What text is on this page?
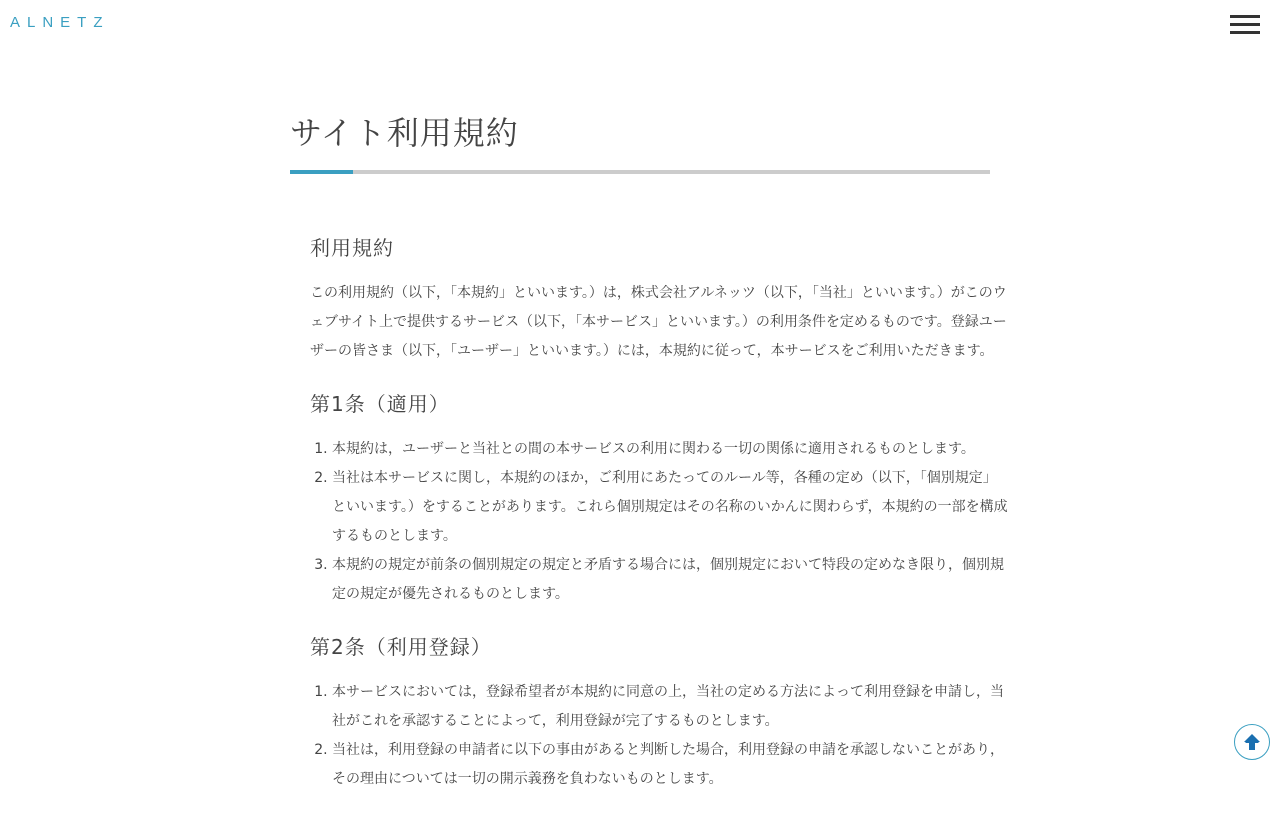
ALNETZ
サイト利用規約
利用規約

この利用規約（以下，「本規約」といいます。）は，株式会社アルネッツ（以下，「当社」といいます。）がこのウェブサイト上で提供するサービス（以下，「本サービス」といいます。）の利用条件を定めるものです。登録ユーザーの皆さま（以下，「ユーザー」といいます。）には，本規約に従って，本サービスをご利用いただきます。

第1条（適用）
1. 本規約は，ユーザーと当社との間の本サービスの利用に関わる一切の関係に適用されるものとします。
2. 当社は本サービスに関し，本規約のほか，ご利用にあたってのルール等，各種の定め（以下，「個別規定」といいます。）をすることがあります。これら個別規定はその名称のいかんに関わらず，本規約の一部を構成するものとします。
3. 本規約の規定が前条の個別規定の規定と矛盾する場合には，個別規定において特段の定めなき限り，個別規定の規定が優先されるものとします。
第2条（利用登録）
1. 本サービスにおいては，登録希望者が本規約に同意の上，当社の定める方法によって利用登録を申請し，当社がこれを承認することによって，利用登録が完了するものとします。
2. 当社は，利用登録の申請者に以下の事由があると判断した場合，利用登録の申請を承認しないことがあり，その理由については一切の開示義務を負わないものとします。
